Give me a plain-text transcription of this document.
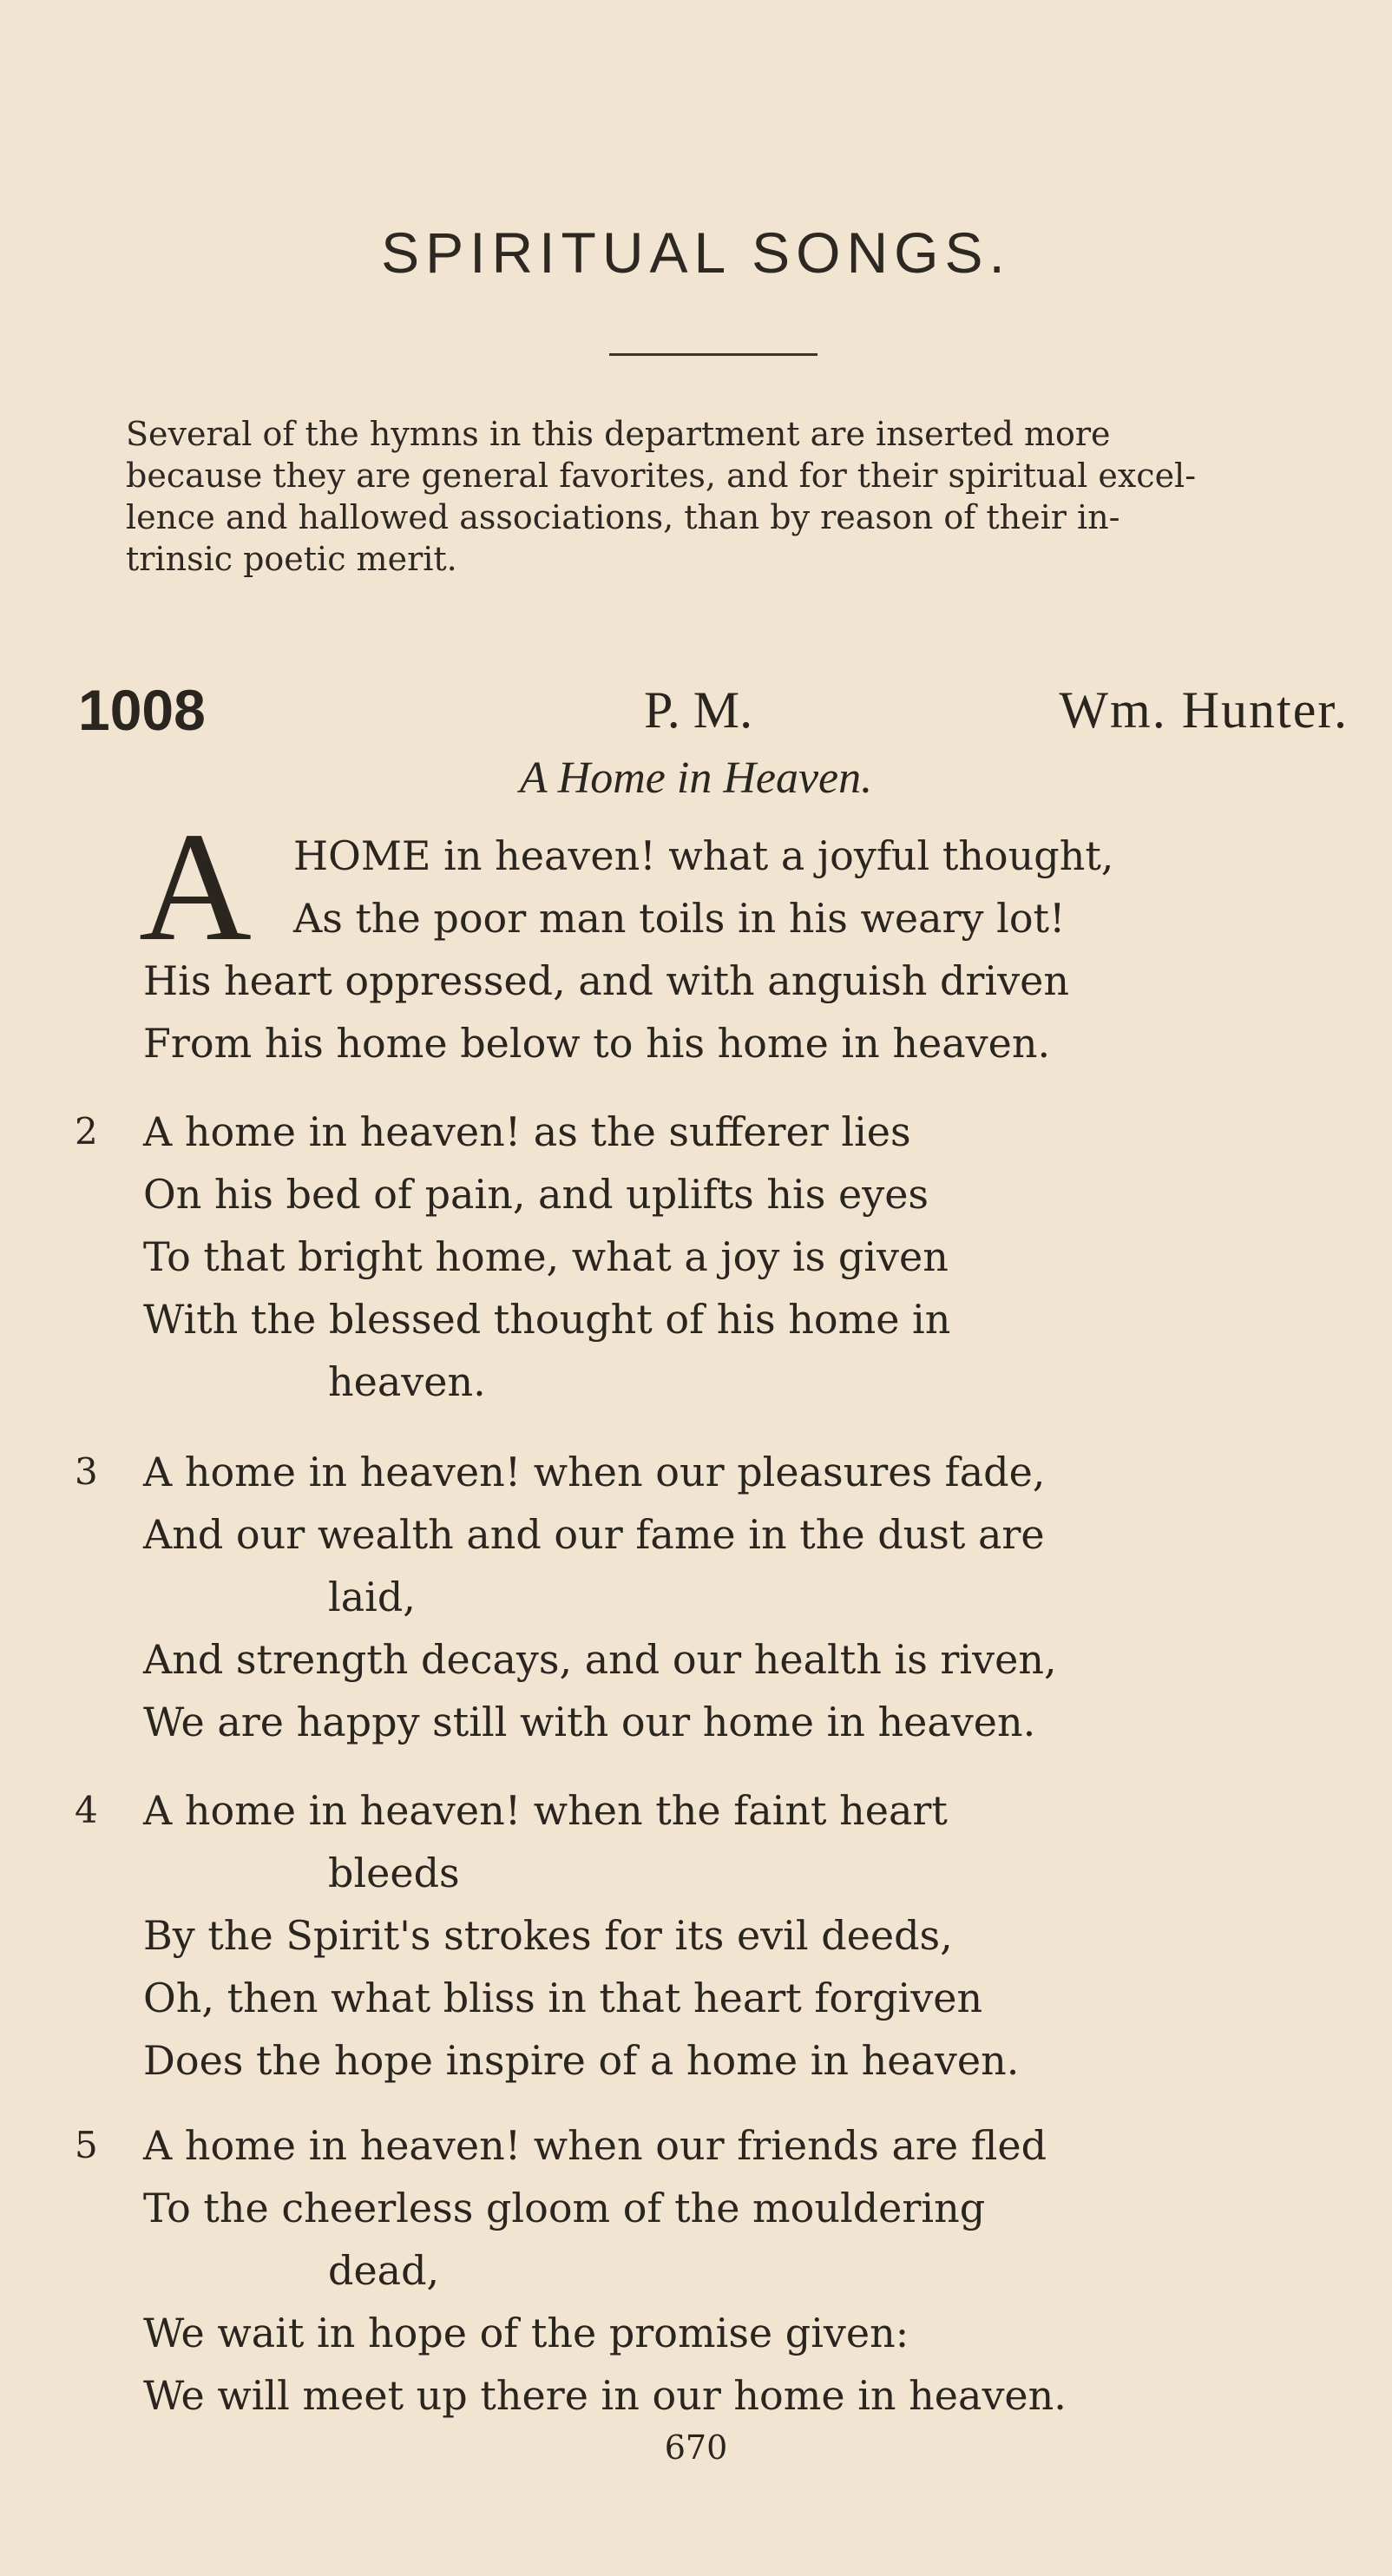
SPIRITUAL SONGS.
Several of the hymns in this department are inserted more
because they are general favorites, and for their spiritual excel-
lence and hallowed associations, than by reason of their in-
trinsic poetic merit.
1008	P. M.	Wm. Hunter.
A Home in Heaven.
A HOME in heaven! what a joyful thought,
As the poor man toils in his weary lot!
His heart oppressed, and with anguish driven
From his home below to his home in heaven.
2 A home in heaven! as the sufferer lies
On his bed of pain, and uplifts his eyes
To that bright home, what a joy is given
With the blessed thought of his home in
heaven.
3 A home in heaven! when our pleasures fade,
And our wealth and our fame in the dust are
laid,
And strength decays, and our health is riven,
We are happy still with our home in heaven.
4 A home in heaven! when the faint heart
bleeds
By the Spirit's strokes for its evil deeds,
Oh, then what bliss in that heart forgiven
Does the hope inspire of a home in heaven.
5 A home in heaven! when our friends are fled
To the cheerless gloom of the mouldering
dead,
We wait in hope of the promise given:
We will meet up there in our home in heaven.
670
